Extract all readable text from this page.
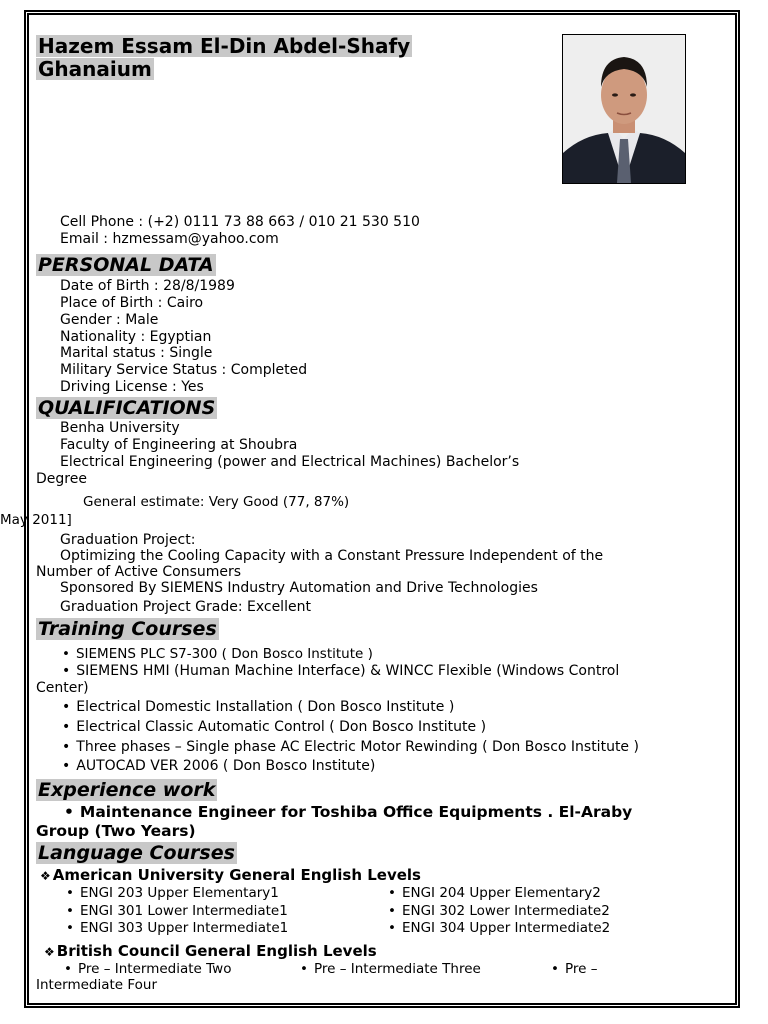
Hazem Essam El-Din Abdel-Shafy
Ghanaium
Cell Phone : (+2) 0111 73 88 663 / 010 21 530 510
Email : hzmessam@yahoo.com
PERSONAL DATA
Date of Birth : 28/8/1989
Place of Birth : Cairo
Gender : Male
Nationality : Egyptian
Marital status : Single
Military Service Status : Completed
Driving License : Yes
QUALIFICATIONS
Benha University
Faculty of Engineering at Shoubra
Electrical Engineering (power and Electrical Machines) Bachelor’s
Degree
General estimate: Very Good (77, 87%)
May 2011]
Graduation Project:
Optimizing the Cooling Capacity with a Constant Pressure Independent of the
Number of Active Consumers
Sponsored By SIEMENS Industry Automation and Drive Technologies
Graduation Project Grade: Excellent
Training Courses
• SIEMENS PLC S7-300 ( Don Bosco Institute )
• SIEMENS HMI (Human Machine Interface) & WINCC Flexible (Windows Control
Center)
• Electrical Domestic Installation ( Don Bosco Institute )
• Electrical Classic Automatic Control ( Don Bosco Institute )
• Three phases – Single phase AC Electric Motor Rewinding ( Don Bosco Institute )
• AUTOCAD VER 2006 ( Don Bosco Institute)
Experience work
• Maintenance Engineer for Toshiba Office Equipments . El-Araby
Group (Two Years)
Language Courses
❖ American University General English Levels
• ENGI 203 Upper Elementary1
• ENGI 301 Lower Intermediate1
• ENGI 303 Upper Intermediate1
• ENGI 204 Upper Elementary2
• ENGI 302 Lower Intermediate2
• ENGI 304 Upper Intermediate2
❖ British Council General English Levels
• Pre – Intermediate Two	• Pre – Intermediate Three	• Pre –
Intermediate Four
